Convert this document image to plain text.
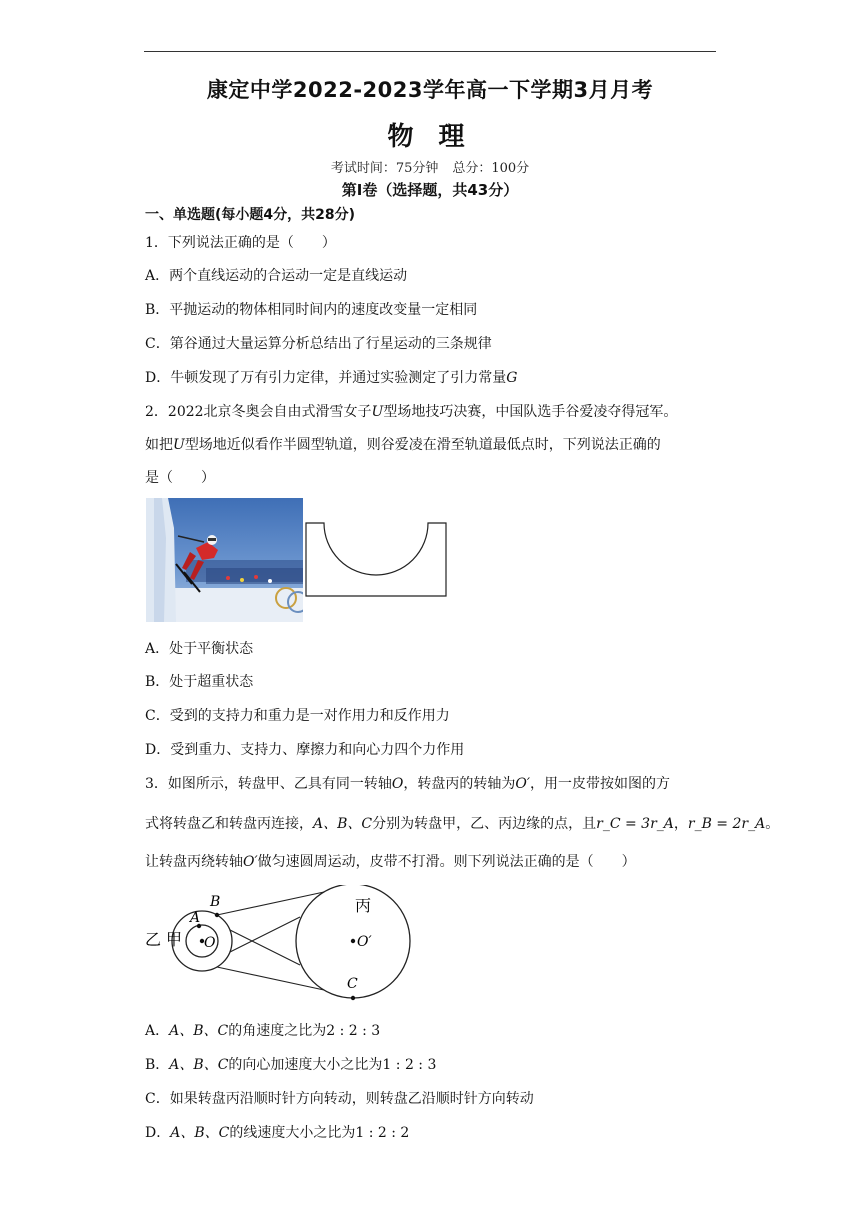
康定中学2022-2023学年高一下学期3月月考
物 理
考试时间：75分钟 总分：100分
第Ⅰ卷（选择题，共43分）
一、单选题(每小题4分，共28分)
1．下列说法正确的是（　　）
A．两个直线运动的合运动一定是直线运动
B．平抛运动的物体相同时间内的速度改变量一定相同
C．第谷通过大量运算分析总结出了行星运动的三条规律
D．牛顿发现了万有引力定律，并通过实验测定了引力常量G
2．2022北京冬奥会自由式滑雪女子U型场地技巧决赛，中国队选手谷爱凌夺得冠军。
如把U型场地近似看作半圆型轨道，则谷爱凌在滑至轨道最低点时，下列说法正确的
是（　　）
A．处于平衡状态
B．处于超重状态
C．受到的支持力和重力是一对作用力和反作用力
D．受到重力、支持力、摩擦力和向心力四个力作用
3．如图所示，转盘甲、乙具有同一转轴O，转盘丙的转轴为O′，用一皮带按如图的方
式将转盘乙和转盘丙连接，A、B、C分别为转盘甲，乙、丙边缘的点，且r_C = 3r_A，r_B = 2r_A。
让转盘丙绕转轴O′做匀速圆周运动，皮带不打滑。则下列说法正确的是（　　）
乙 甲
A
B
O
丙
O′
C
A．A、B、C的角速度之比为2 : 2 : 3
B．A、B、C的向心加速度大小之比为1 : 2 : 3
C．如果转盘丙沿顺时针方向转动，则转盘乙沿顺时针方向转动
D．A、B、C的线速度大小之比为1 : 2 : 2
